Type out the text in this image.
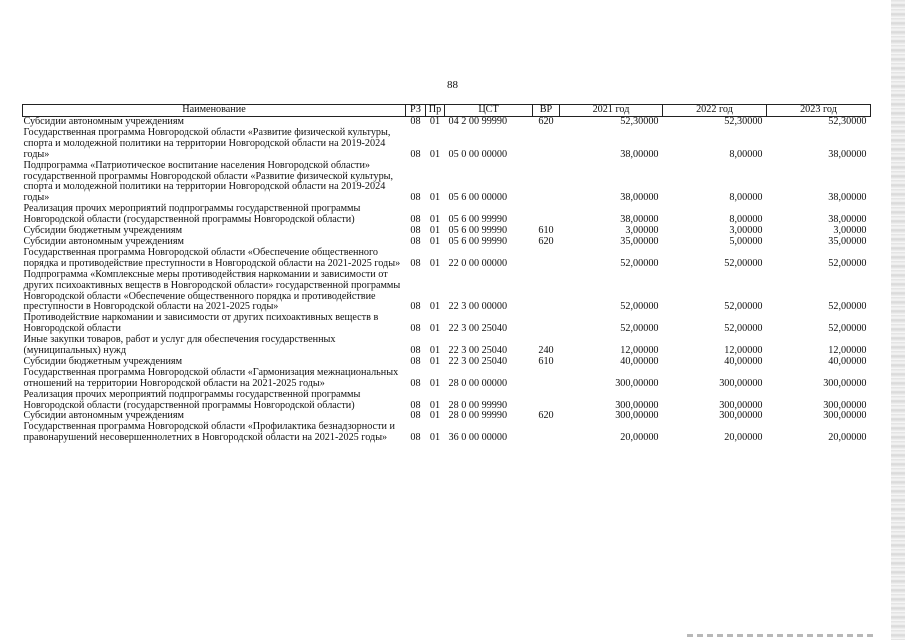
88
Наименование	РЗ	Пр	ЦСТ	ВР	2021 год	2022 год	2023 год
Субсидии автономным учреждениям	08	01	04 2 00 99990	620	52,30000	52,30000	52,30000
Государственная программа Новгородской области «Развитие физической культуры, спорта и молодежной политики на территории Новгородской области на 2019-2024 годы»	08	01	05 0 00 00000		38,00000	8,00000	38,00000
Подпрограмма «Патриотическое воспитание населения Новгородской области» государственной программы Новгородской области «Развитие физической культуры, спорта и молодежной политики на территории Новгородской области на 2019-2024 годы»	08	01	05 6 00 00000		38,00000	8,00000	38,00000
Реализация прочих мероприятий подпрограммы государственной программы Новгородской области (государственной программы Новгородской области)	08	01	05 6 00 99990		38,00000	8,00000	38,00000
Субсидии бюджетным учреждениям	08	01	05 6 00 99990	610	3,00000	3,00000	3,00000
Субсидии автономным учреждениям	08	01	05 6 00 99990	620	35,00000	5,00000	35,00000
Государственная программа Новгородской области «Обеспечение общественного порядка и противодействие преступности в Новгородской области на 2021-2025 годы»	08	01	22 0 00 00000		52,00000	52,00000	52,00000
Подпрограмма «Комплексные меры противодействия наркомании и зависимости от других психоактивных веществ в Новгородской области» государственной программы Новгородской области «Обеспечение общественного порядка и противодействие преступности в Новгородской области на 2021-2025 годы»	08	01	22 3 00 00000		52,00000	52,00000	52,00000
Противодействие наркомании и зависимости от других психоактивных веществ в Новгородской области	08	01	22 3 00 25040		52,00000	52,00000	52,00000
Иные закупки товаров, работ и услуг для обеспечения государственных (муниципальных) нужд	08	01	22 3 00 25040	240	12,00000	12,00000	12,00000
Субсидии бюджетным учреждениям	08	01	22 3 00 25040	610	40,00000	40,00000	40,00000
Государственная программа Новгородской области «Гармонизация межнациональных отношений на территории Новгородской области на 2021-2025 годы»	08	01	28 0 00 00000		300,00000	300,00000	300,00000
Реализация прочих мероприятий подпрограммы государственной программы Новгородской области (государственной программы Новгородской области)	08	01	28 0 00 99990		300,00000	300,00000	300,00000
Субсидии автономным учреждениям	08	01	28 0 00 99990	620	300,00000	300,00000	300,00000
Государственная программа Новгородской области «Профилактика безнадзорности и правонарушений несовершеннолетних в Новгородской области на 2021-2025 годы»	08	01	36 0 00 00000		20,00000	20,00000	20,00000
